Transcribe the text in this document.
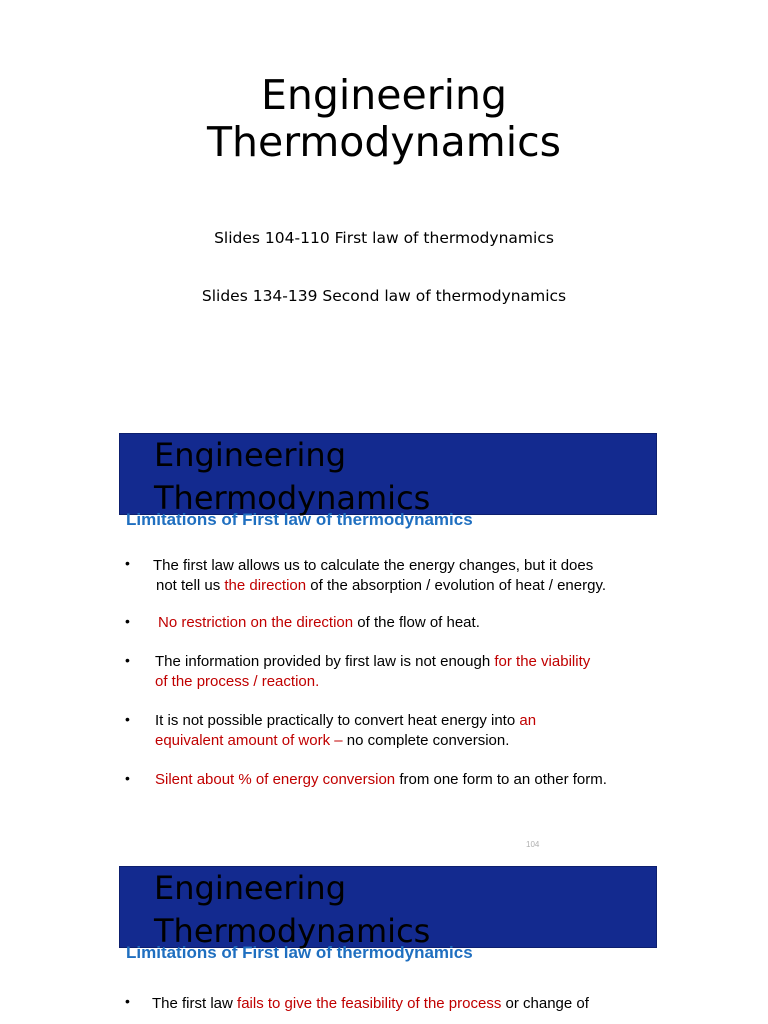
Engineering
Thermodynamics
Slides 104-110 First law of thermodynamics
Slides 134-139 Second law of thermodynamics
Engineering
Thermodynamics
Limitations of First law of thermodynamics
• The first law allows us to calculate the energy changes, but it does
not tell us the direction of the absorption / evolution of heat / energy.
• No restriction on the direction of the flow of heat.
• The information provided by first law is not enough for the viability
of the process / reaction.
• It is not possible practically to convert heat energy into an
equivalent amount of work – no complete conversion.
• Silent about % of energy conversion from one form to an other form.
104
Engineering
Thermodynamics
Limitations of First law of thermodynamics
• The first law fails to give the feasibility of the process or change of
